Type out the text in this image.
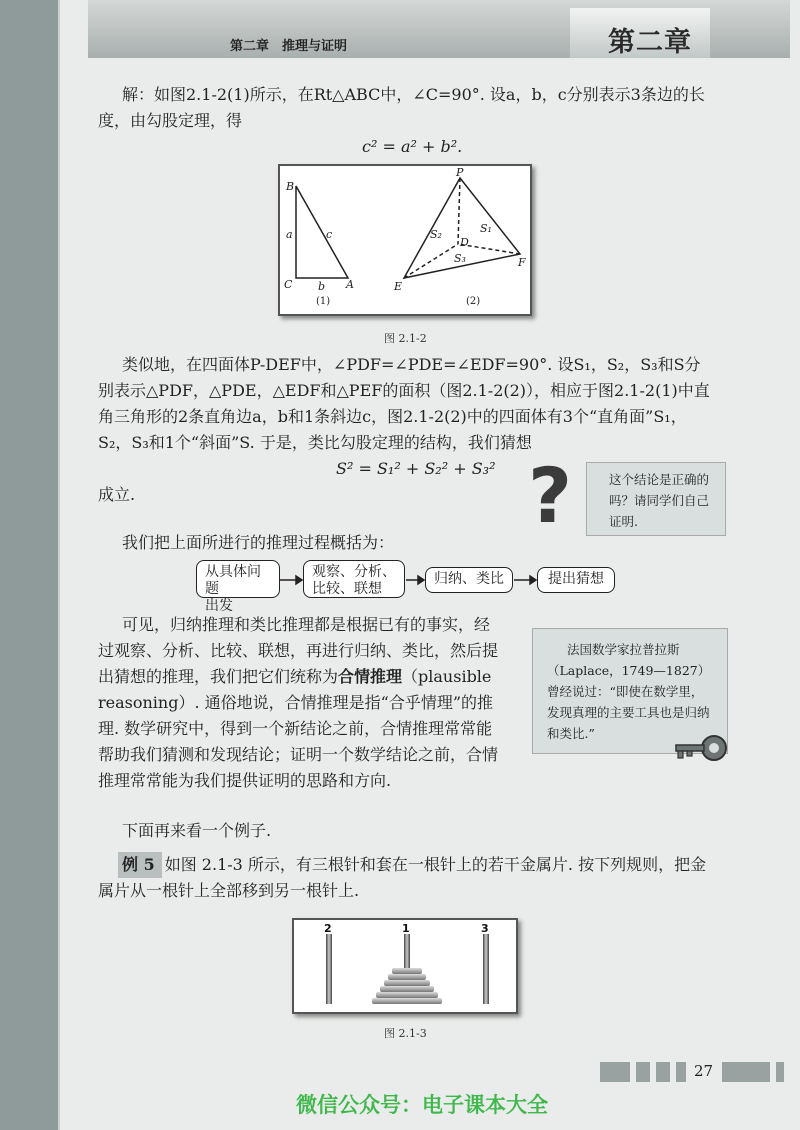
第二章　推理与证明	第二章
解：如图2.1-2(1)所示，在Rt△ABC中，∠C=90°. 设a，b，c分别表示3条边的长度，由勾股定理，得
c² = a² + b².
B
C	A
a
b
c
P
D
E
F
S₁
S₂
S₃
(1)	(2)
图 2.1-2
类似地，在四面体P-DEF中，∠PDF=∠PDE=∠EDF=90°. 设S₁，S₂，S₃和S分别表示△PDF，△PDE，△EDF和△PEF的面积（图2.1-2(2)），相应于图2.1-2(1)中直角三角形的2条直角边a，b和1条斜边c，图2.1-2(2)中的四面体有3个“直角面”S₁，S₂，S₃和1个“斜面”S. 于是，类比勾股定理的结构，我们猜想
S² = S₁² + S₂² + S₃²
成立.
这个结论是正确的吗？请同学们自己证明.
?
我们把上面所进行的推理过程概括为：
从具体问题
出发
观察、分析、
比较、联想
归纳、类比	提出猜想
可见，归纳推理和类比推理都是根据已有的事实，经过观察、分析、比较、联想，再进行归纳、类比，然后提出猜想的推理，我们把它们统称为合情推理（plausible reasoning）. 通俗地说，合情推理是指“合乎情理”的推理. 数学研究中，得到一个新结论之前，合情推理常常能帮助我们猜测和发现结论；证明一个数学结论之前，合情推理常常能为我们提供证明的思路和方向.
法国数学家拉普拉斯（Laplace，1749—1827）曾经说过：“即使在数学里，发现真理的主要工具也是归纳和类比.”
下面再来看一个例子.
例 5 如图 2.1-3 所示，有三根针和套在一根针上的若干金属片. 按下列规则，把金属片从一根针上全部移到另一根针上.
2	1	3
图 2.1-3
27
微信公众号：电子课本大全
